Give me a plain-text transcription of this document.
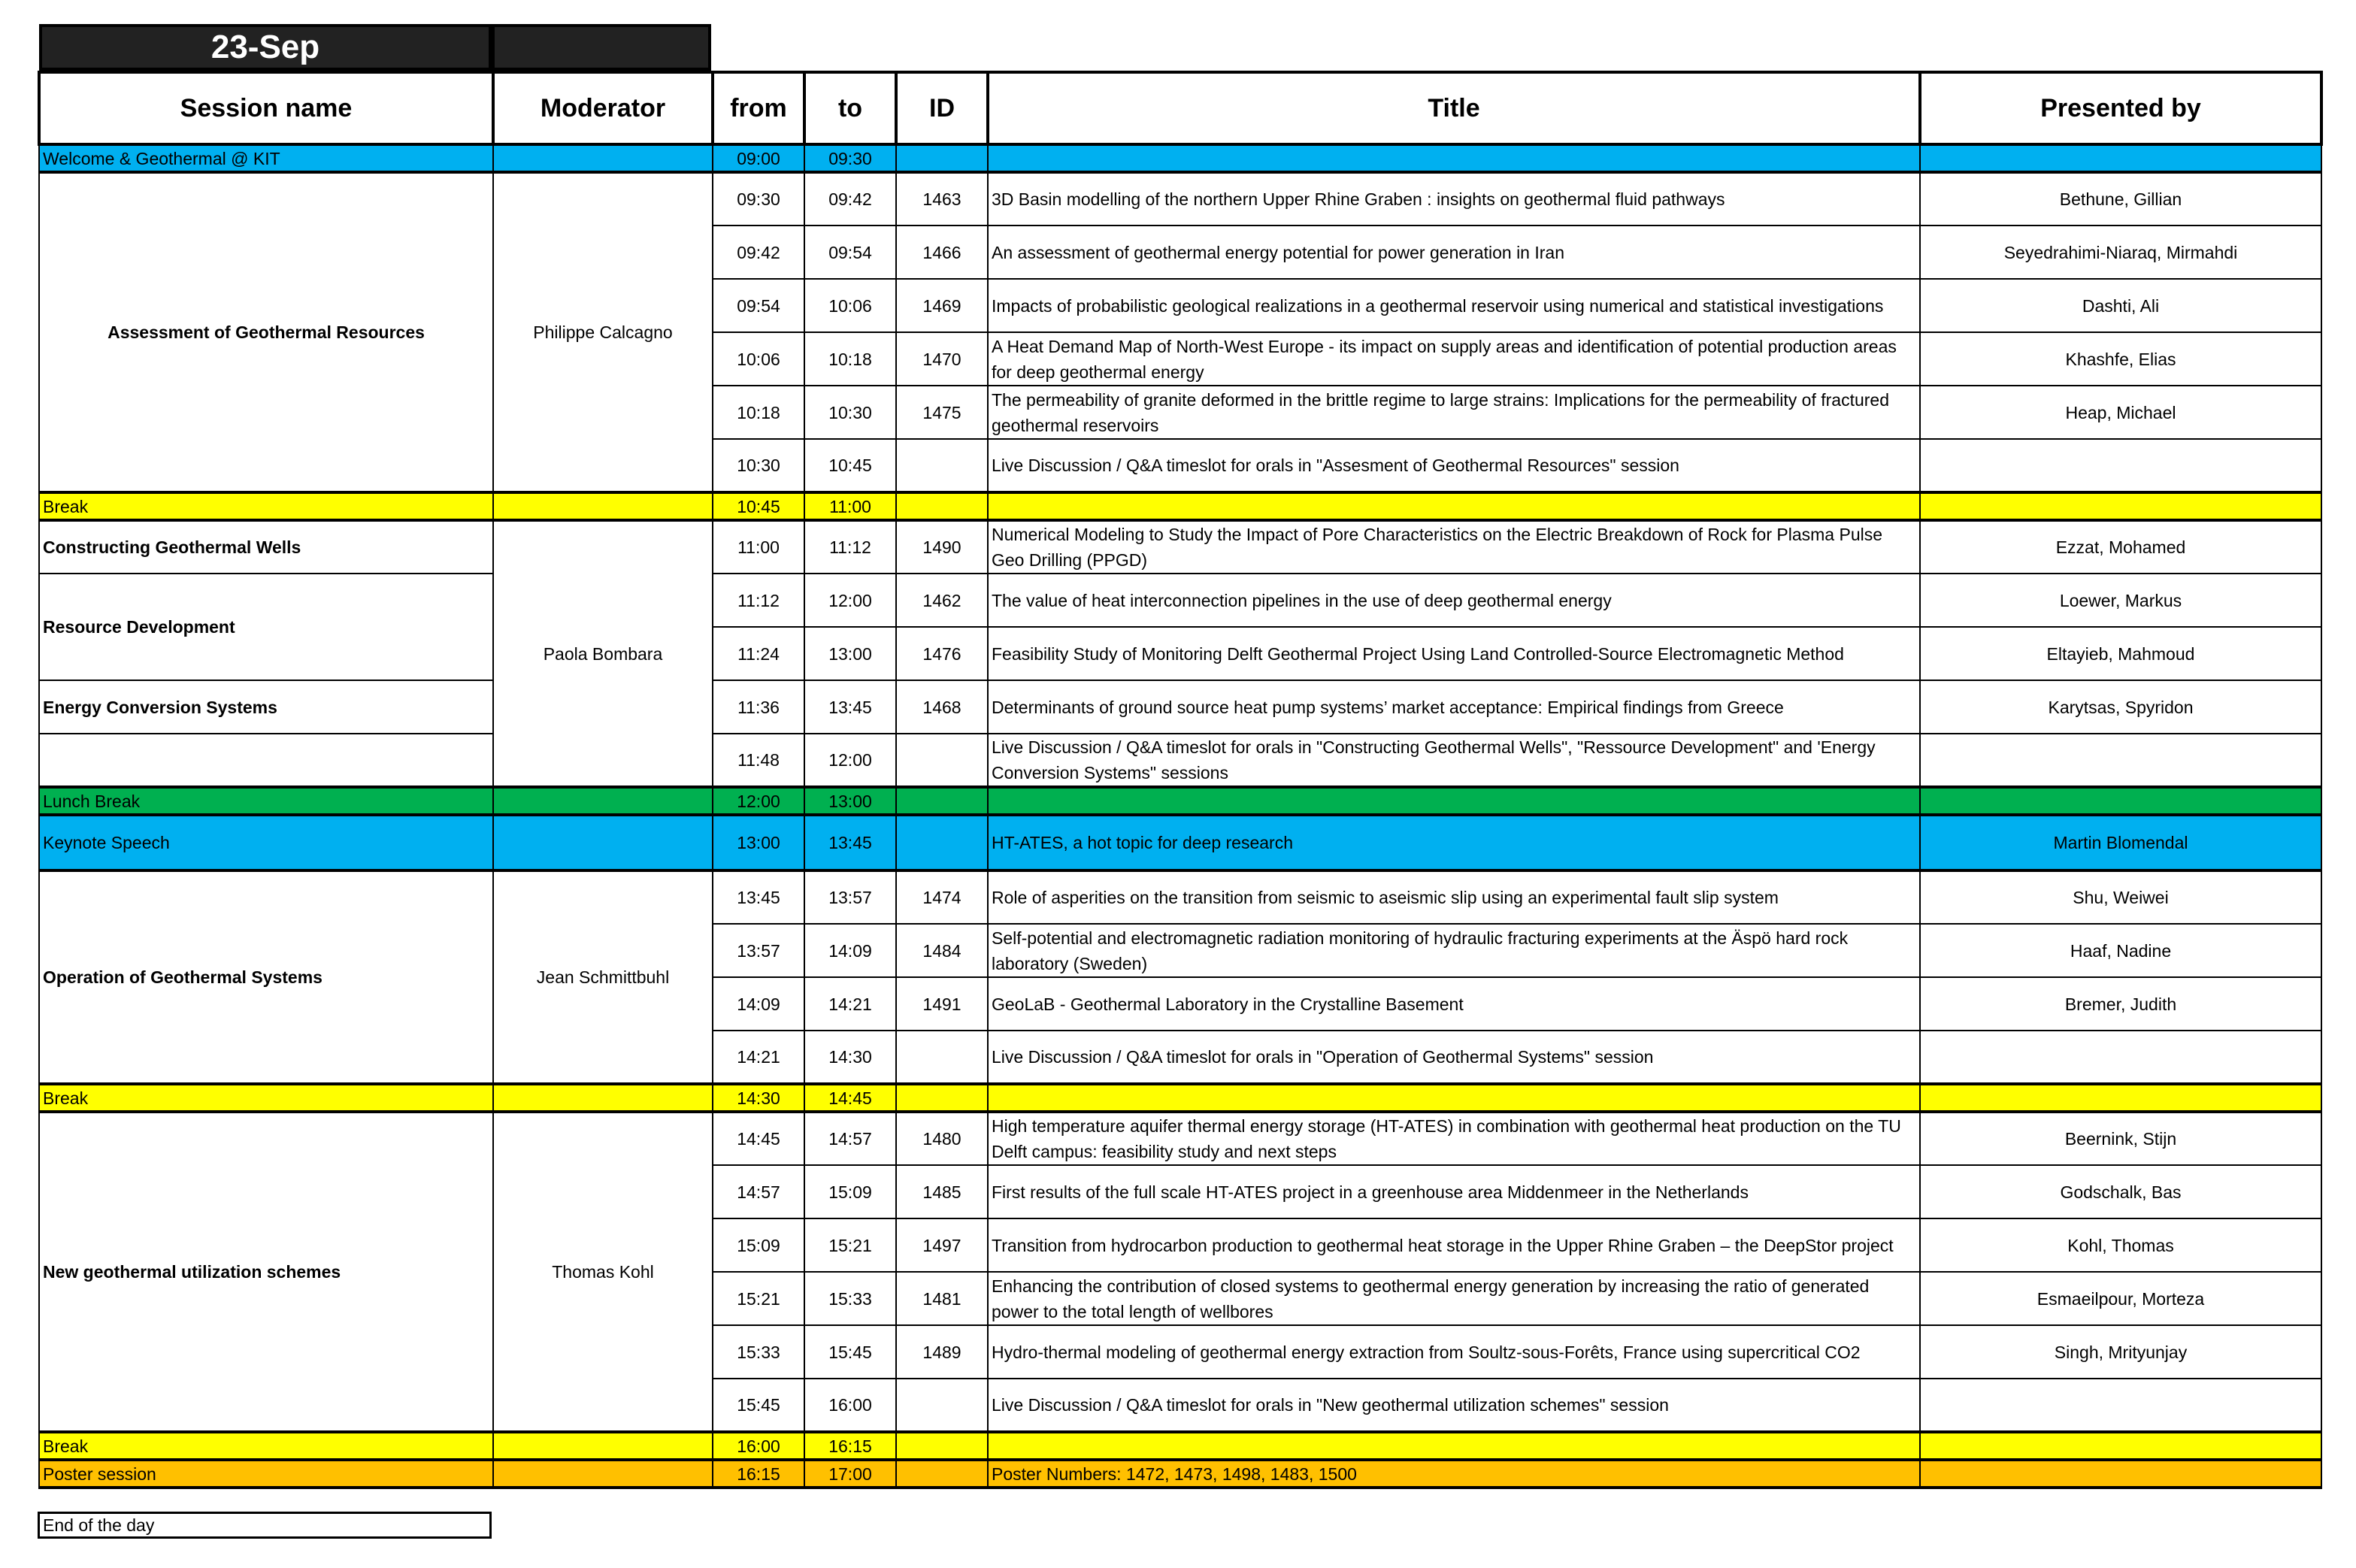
23-Sep
Session name	Moderator	from	to	ID	Title	Presented by
Welcome & Geothermal @ KIT		09:00	09:30			
Assessment of Geothermal Resources	Philippe Calcagno	09:30	09:42	1463	3D Basin modelling of the northern Upper Rhine Graben : insights on geothermal fluid pathways	Bethune, Gillian
		09:42	09:54	1466	An assessment of geothermal energy potential for power generation in Iran	Seyedrahimi-Niaraq, Mirmahdi
		09:54	10:06	1469	Impacts of probabilistic geological realizations in a geothermal reservoir using numerical and statistical investigations	Dashti, Ali
		10:06	10:18	1470	A Heat Demand Map of North-West Europe - its impact on supply areas and identification of potential production areas for deep geothermal energy	Khashfe, Elias
		10:18	10:30	1475	The permeability of granite deformed in the brittle regime to large strains: Implications for the permeability of fractured geothermal reservoirs	Heap, Michael
		10:30	10:45		Live Discussion / Q&A timeslot for orals in "Assesment of Geothermal Resources" session	
Break		10:45	11:00			
Constructing Geothermal Wells	Paola Bombara	11:00	11:12	1490	Numerical Modeling to Study the Impact of Pore Characteristics on the Electric Breakdown of Rock for Plasma Pulse Geo Drilling (PPGD)	Ezzat, Mohamed
Resource Development		11:12	12:00	1462	The value of heat interconnection pipelines in the use of deep geothermal energy	Loewer, Markus
		11:24	13:00	1476	Feasibility Study of Monitoring Delft Geothermal Project Using Land Controlled-Source Electromagnetic Method	Eltayieb, Mahmoud
Energy Conversion Systems		11:36	13:45	1468	Determinants of ground source heat pump systems’ market acceptance: Empirical findings from Greece	Karytsas, Spyridon
		11:48	12:00		Live Discussion / Q&A timeslot for orals in "Constructing Geothermal Wells", "Ressource Development" and 'Energy Conversion Systems" sessions	
Lunch Break		12:00	13:00			
Keynote Speech		13:00	13:45		HT-ATES, a hot topic for deep research	Martin Blomendal
Operation of Geothermal Systems	Jean Schmittbuhl	13:45	13:57	1474	Role of asperities on the transition from seismic to aseismic slip using an experimental fault slip system	Shu, Weiwei
		13:57	14:09	1484	Self-potential and electromagnetic radiation monitoring of hydraulic fracturing experiments at the Äspö hard rock laboratory (Sweden)	Haaf, Nadine
		14:09	14:21	1491	GeoLaB - Geothermal Laboratory in the Crystalline Basement	Bremer, Judith
		14:21	14:30		Live Discussion / Q&A timeslot for orals in "Operation of Geothermal Systems" session	
Break		14:30	14:45			
New geothermal utilization schemes	Thomas Kohl	14:45	14:57	1480	High temperature aquifer thermal energy storage (HT-ATES) in combination with geothermal heat production on the TU Delft campus: feasibility study and next steps	Beernink, Stijn
		14:57	15:09	1485	First results of the full scale HT-ATES project in a greenhouse area Middenmeer in the Netherlands	Godschalk, Bas
		15:09	15:21	1497	Transition from hydrocarbon production to geothermal heat storage in the Upper Rhine Graben – the DeepStor project	Kohl, Thomas
		15:21	15:33	1481	Enhancing the contribution of closed systems to geothermal energy generation by increasing the ratio of generated power to the total length of wellbores	Esmaeilpour, Morteza
		15:33	15:45	1489	Hydro-thermal modeling of geothermal energy extraction from Soultz-sous-Forêts, France using supercritical CO2	Singh, Mrityunjay
		15:45	16:00		Live Discussion / Q&A timeslot for orals in "New geothermal utilization schemes" session	
Break		16:00	16:15			
Poster session		16:15	17:00		Poster Numbers: 1472, 1473, 1498, 1483, 1500	
End of the day
